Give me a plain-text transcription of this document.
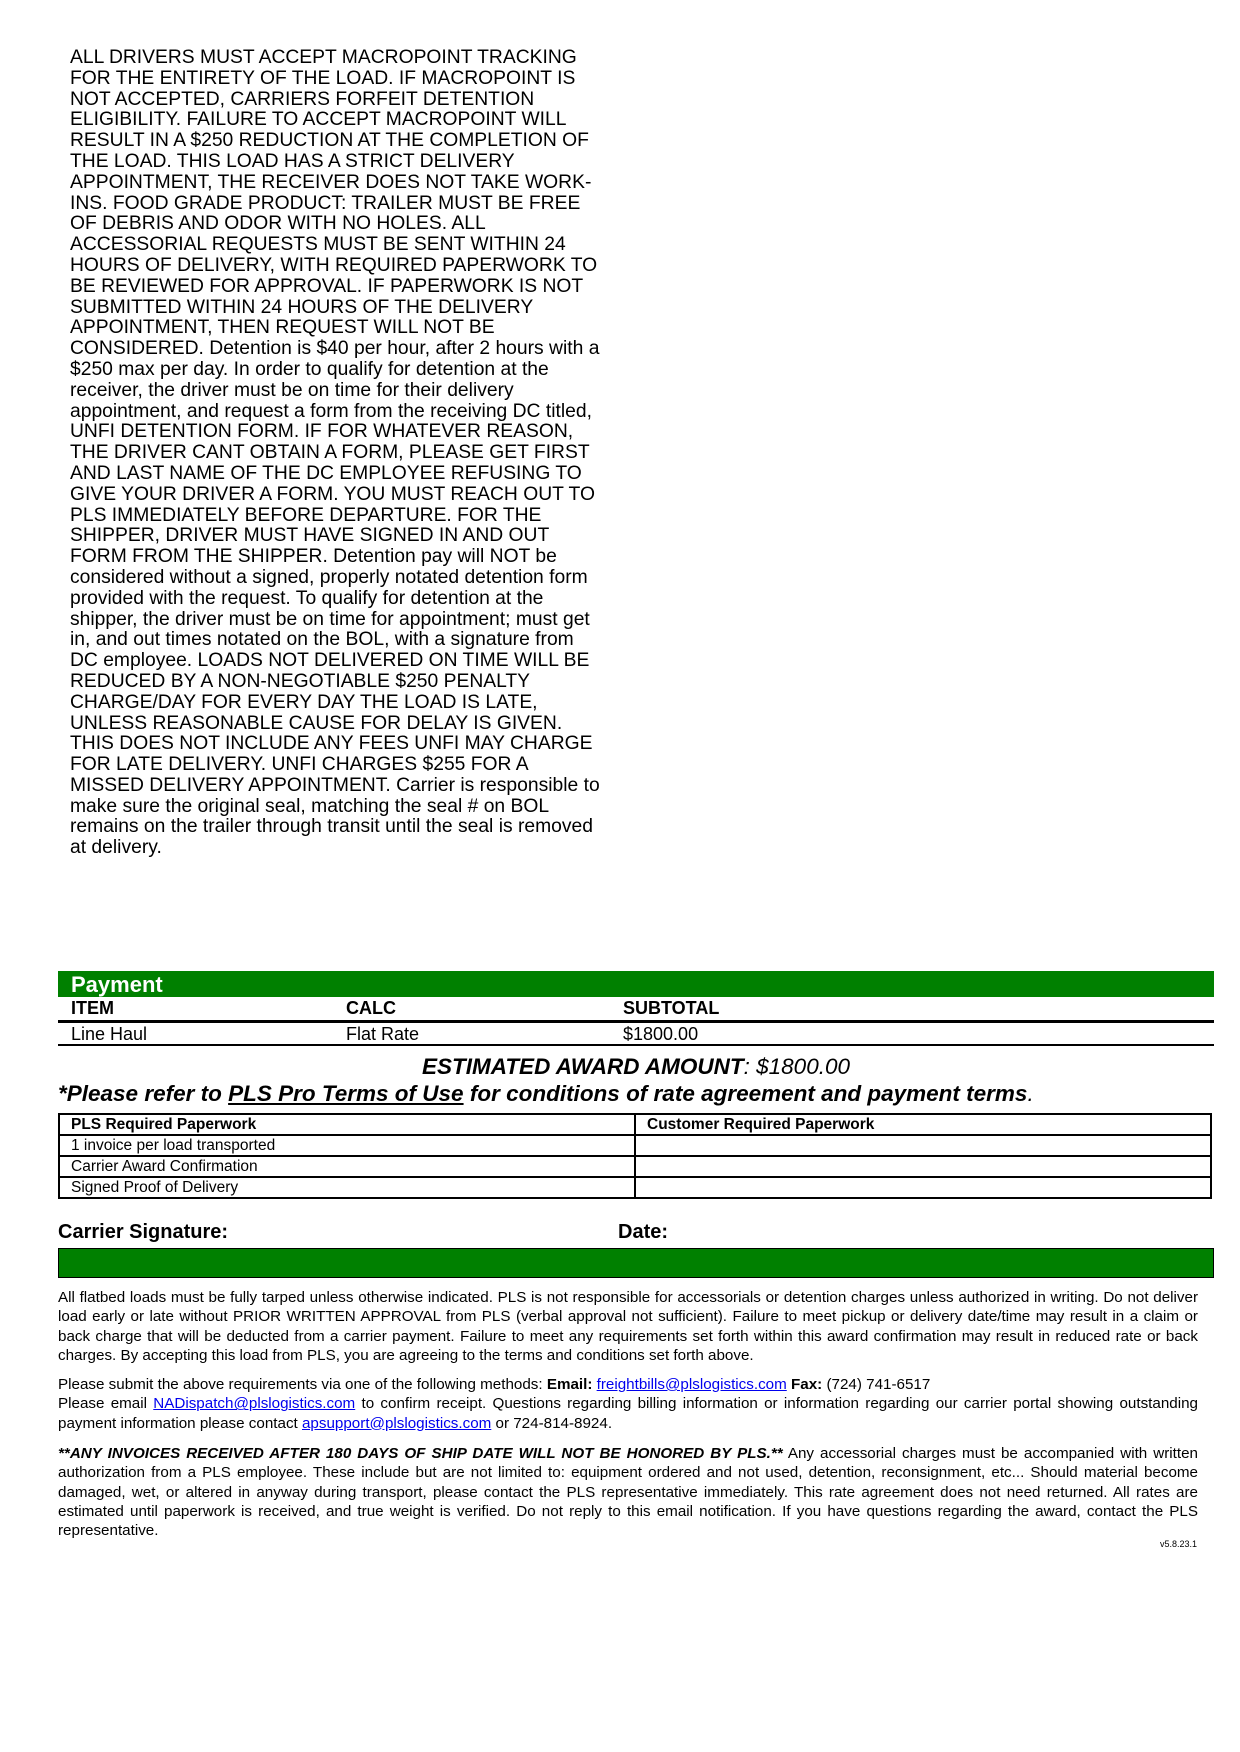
ALL DRIVERS MUST ACCEPT MACROPOINT TRACKING FOR THE ENTIRETY OF THE LOAD. IF MACROPOINT IS NOT ACCEPTED, CARRIERS FORFEIT DETENTION ELIGIBILITY. FAILURE TO ACCEPT MACROPOINT WILL RESULT IN A $250 REDUCTION AT THE COMPLETION OF THE LOAD. THIS LOAD HAS A STRICT DELIVERY APPOINTMENT, THE RECEIVER DOES NOT TAKE WORK-INS. FOOD GRADE PRODUCT: TRAILER MUST BE FREE OF DEBRIS AND ODOR WITH NO HOLES. ALL ACCESSORIAL REQUESTS MUST BE SENT WITHIN 24 HOURS OF DELIVERY, WITH REQUIRED PAPERWORK TO BE REVIEWED FOR APPROVAL. IF PAPERWORK IS NOT SUBMITTED WITHIN 24 HOURS OF THE DELIVERY APPOINTMENT, THEN REQUEST WILL NOT BE CONSIDERED. Detention is $40 per hour, after 2 hours with a $250 max per day. In order to qualify for detention at the receiver, the driver must be on time for their delivery appointment, and request a form from the receiving DC titled, UNFI DETENTION FORM. IF FOR WHATEVER REASON, THE DRIVER CANT OBTAIN A FORM, PLEASE GET FIRST AND LAST NAME OF THE DC EMPLOYEE REFUSING TO GIVE YOUR DRIVER A FORM. YOU MUST REACH OUT TO PLS IMMEDIATELY BEFORE DEPARTURE. FOR THE SHIPPER, DRIVER MUST HAVE SIGNED IN AND OUT FORM FROM THE SHIPPER. Detention pay will NOT be considered without a signed, properly notated detention form provided with the request. To qualify for detention at the shipper, the driver must be on time for appointment; must get in, and out times notated on the BOL, with a signature from DC employee. LOADS NOT DELIVERED ON TIME WILL BE REDUCED BY A NON-NEGOTIABLE $250 PENALTY CHARGE/DAY FOR EVERY DAY THE LOAD IS LATE, UNLESS REASONABLE CAUSE FOR DELAY IS GIVEN. THIS DOES NOT INCLUDE ANY FEES UNFI MAY CHARGE FOR LATE DELIVERY. UNFI CHARGES $255 FOR A MISSED DELIVERY APPOINTMENT. Carrier is responsible to make sure the original seal, matching the seal # on BOL remains on the trailer through transit until the seal is removed at delivery.
Payment
ITEM	CALC	SUBTOTAL
Line Haul	Flat Rate	$1800.00
ESTIMATED AWARD AMOUNT: $1800.00
*Please refer to PLS Pro Terms of Use for conditions of rate agreement and payment terms.
PLS Required Paperwork	Customer Required Paperwork
1 invoice per load transported	
Carrier Award Confirmation	
Signed Proof of Delivery	
Carrier Signature:	Date:
All flatbed loads must be fully tarped unless otherwise indicated. PLS is not responsible for accessorials or detention charges unless authorized in writing. Do not deliver load early or late without PRIOR WRITTEN APPROVAL from PLS (verbal approval not sufficient). Failure to meet pickup or delivery date/time may result in a claim or back charge that will be deducted from a carrier payment. Failure to meet any requirements set forth within this award confirmation may result in reduced rate or back charges. By accepting this load from PLS, you are agreeing to the terms and conditions set forth above.
Please submit the above requirements via one of the following methods: Email: freightbills@plslogistics.com Fax: (724) 741-6517
Please email NADispatch@plslogistics.com to confirm receipt. Questions regarding billing information or information regarding our carrier portal showing outstanding payment information please contact apsupport@plslogistics.com or 724-814-8924.
**ANY INVOICES RECEIVED AFTER 180 DAYS OF SHIP DATE WILL NOT BE HONORED BY PLS.** Any accessorial charges must be accompanied with written authorization from a PLS employee. These include but are not limited to: equipment ordered and not used, detention, reconsignment, etc... Should material become damaged, wet, or altered in anyway during transport, please contact the PLS representative immediately. This rate agreement does not need returned. All rates are estimated until paperwork is received, and true weight is verified. Do not reply to this email notification. If you have questions regarding the award, contact the PLS representative.
v5.8.23.1
